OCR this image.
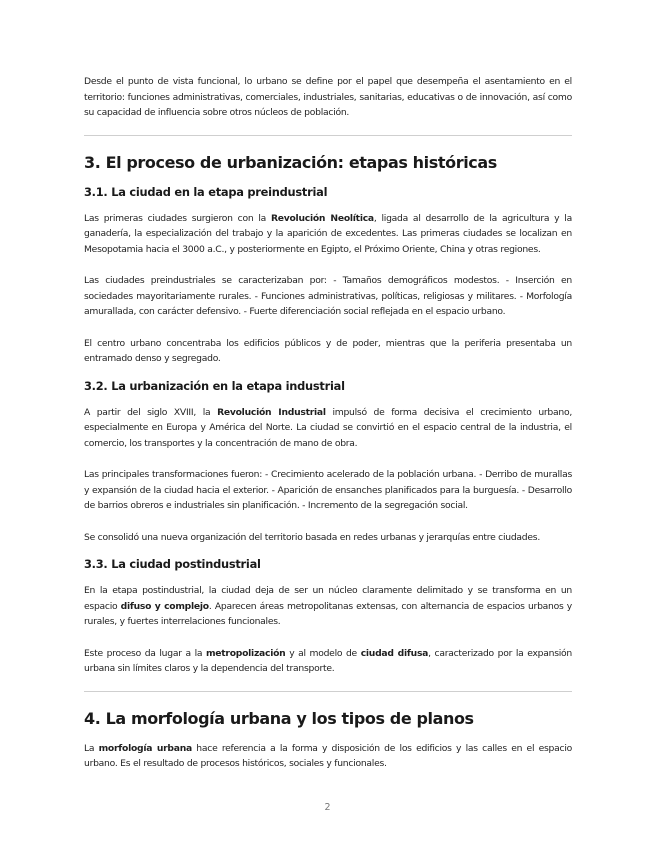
Desde el punto de vista funcional, lo urbano se define por el papel que desempeña el asentamiento en el territorio: funciones administrativas, comerciales, industriales, sanitarias, educativas o de innovación, así como su capacidad de influencia sobre otros núcleos de población.

3. El proceso de urbanización: etapas históricas
3.1. La ciudad en la etapa preindustrial

Las primeras ciudades surgieron con la Revolución Neolítica, ligada al desarrollo de la agricultura y la ganadería, la especialización del trabajo y la aparición de excedentes. Las primeras ciudades se localizan en Mesopotamia hacia el 3000 a.C., y posteriormente en Egipto, el Próximo Oriente, China y otras regiones.

Las ciudades preindustriales se caracterizaban por: - Tamaños demográficos modestos. - Inserción en sociedades mayoritariamente rurales. - Funciones administrativas, políticas, religiosas y militares. - Morfología amurallada, con carácter defensivo. - Fuerte diferenciación social reflejada en el espacio urbano.

El centro urbano concentraba los edificios públicos y de poder, mientras que la periferia presentaba un entramado denso y segregado.

3.2. La urbanización en la etapa industrial

A partir del siglo XVIII, la Revolución Industrial impulsó de forma decisiva el crecimiento urbano, especialmente en Europa y América del Norte. La ciudad se convirtió en el espacio central de la industria, el comercio, los transportes y la concentración de mano de obra.

Las principales transformaciones fueron: - Crecimiento acelerado de la población urbana. - Derribo de murallas y expansión de la ciudad hacia el exterior. - Aparición de ensanches planificados para la burguesía. - Desarrollo de barrios obreros e industriales sin planificación. - Incremento de la segregación social.

Se consolidó una nueva organización del territorio basada en redes urbanas y jerarquías entre ciudades.

3.3. La ciudad postindustrial

En la etapa postindustrial, la ciudad deja de ser un núcleo claramente delimitado y se transforma en un espacio difuso y complejo. Aparecen áreas metropolitanas extensas, con alternancia de espacios urbanos y rurales, y fuertes interrelaciones funcionales.

Este proceso da lugar a la metropolización y al modelo de ciudad difusa, caracterizado por la expansión urbana sin límites claros y la dependencia del transporte.

4. La morfología urbana y los tipos de planos

La morfología urbana hace referencia a la forma y disposición de los edificios y las calles en el espacio urbano. Es el resultado de procesos históricos, sociales y funcionales.

2
